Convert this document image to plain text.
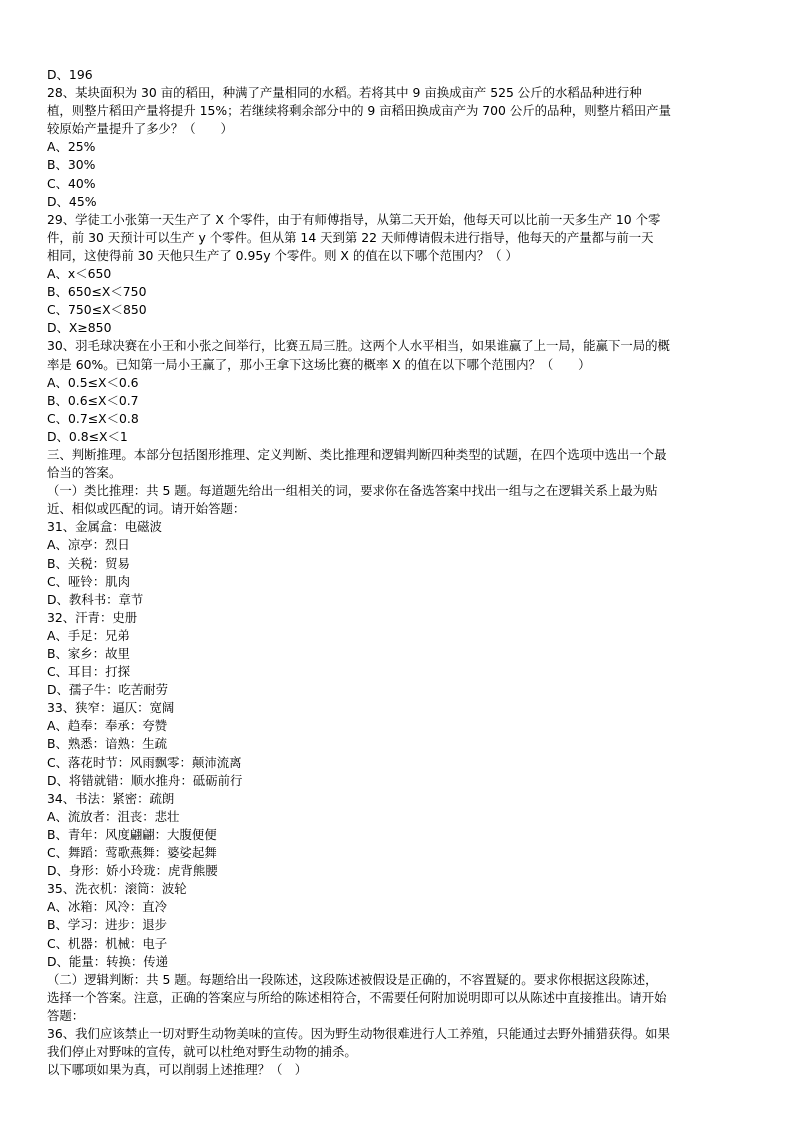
D、196
28、某块面积为 30 亩的稻田，种满了产量相同的水稻。若将其中 9 亩换成亩产 525 公斤的水稻品种进行种
植，则整片稻田产量将提升 15%；若继续将剩余部分中的 9 亩稻田换成亩产为 700 公斤的品种，则整片稻田产量
较原始产量提升了多少？（　　）
A、25%
B、30%
C、40%
D、45%
29、学徒工小张第一天生产了 X 个零件，由于有师傅指导，从第二天开始，他每天可以比前一天多生产 10 个零
件，前 30 天预计可以生产 y 个零件。但从第 14 天到第 22 天师傅请假未进行指导，他每天的产量都与前一天
相同，这使得前 30 天他只生产了 0.95y 个零件。则 X 的值在以下哪个范围内？（ ）
A、x＜650
B、650≤X＜750
C、750≤X＜850
D、X≥850
30、羽毛球决赛在小王和小张之间举行，比赛五局三胜。这两个人水平相当，如果谁赢了上一局，能赢下一局的概
率是 60%。已知第一局小王赢了，那小王拿下这场比赛的概率 X 的值在以下哪个范围内？（　　）
A、0.5≤X＜0.6
B、0.6≤X＜0.7
C、0.7≤X＜0.8
D、0.8≤X＜1
三、判断推理。本部分包括图形推理、定义判断、类比推理和逻辑判断四种类型的试题，在四个选项中选出一个最
恰当的答案。
（一）类比推理：共 5 题。每道题先给出一组相关的词，要求你在备选答案中找出一组与之在逻辑关系上最为贴
近、相似或匹配的词。请开始答题：
31、金属盒：电磁波
A、凉亭：烈日
B、关税：贸易
C、哑铃：肌肉
D、教科书：章节
32、汗青：史册
A、手足：兄弟
B、家乡：故里
C、耳目：打探
D、孺子牛：吃苦耐劳
33、狭窄：逼仄：宽阔
A、趋奉：奉承：夸赞
B、熟悉：谙熟：生疏
C、落花时节：风雨飘零：颠沛流离
D、将错就错：顺水推舟：砥砺前行
34、书法：紧密：疏朗
A、流放者：沮丧：悲壮
B、青年：风度翩翩：大腹便便
C、舞蹈：莺歌燕舞：婆娑起舞
D、身形：娇小玲珑：虎背熊腰
35、洗衣机：滚筒：波轮
A、冰箱：风冷：直冷
B、学习：进步：退步
C、机器：机械：电子
D、能量：转换：传递
（二）逻辑判断：共 5 题。每题给出一段陈述，这段陈述被假设是正确的，不容置疑的。要求你根据这段陈述，
选择一个答案。注意，正确的答案应与所给的陈述相符合，不需要任何附加说明即可以从陈述中直接推出。请开始
答题：
36、我们应该禁止一切对野生动物美味的宣传。因为野生动物很难进行人工养殖，只能通过去野外捕猎获得。如果
我们停止对野味的宣传，就可以杜绝对野生动物的捕杀。
以下哪项如果为真，可以削弱上述推理？（　）
